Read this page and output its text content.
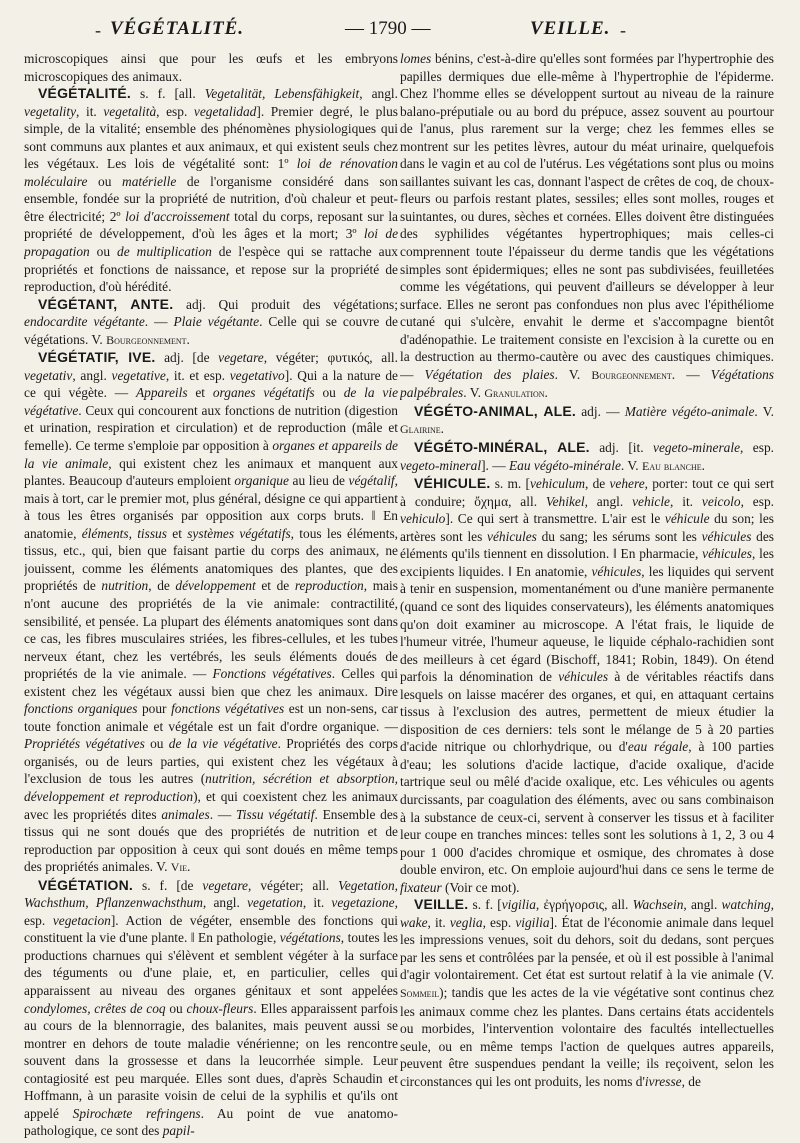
- VÉGÉTALITÉ.	— 1790 —	VEILLE. -

microscopiques ainsi que pour les œufs et les embryons microscopiques des animaux.

VÉGÉTALITÉ. s. f. [all. Vegetalität, Lebensfähigkeit, angl. vegetality, it. vegetalità, esp. vegetalidad]. Premier degré, le plus simple, de la vitalité; ensemble des phénomènes physiologiques qui sont communs aux plantes et aux animaux, et qui existent seuls chez les végétaux. Les lois de végétalité sont: 1º loi de rénovation moléculaire ou matérielle de l'organisme considéré dans son ensemble, fondée sur la propriété de nutrition, d'où chaleur et peut-être électricité; 2º loi d'accroissement total du corps, reposant sur la propriété de développement, d'où les âges et la mort; 3º loi de propagation ou de multiplication de l'espèce qui se rattache aux propriétés et fonctions de naissance, et repose sur la propriété de reproduction, d'où hérédité.

VÉGÉTANT, ANTE. adj. Qui produit des végétations; endocardite végétante. — Plaie végétante. Celle qui se couvre de végétations. V. Bourgeonnement.

VÉGÉTATIF, IVE. adj. [de vegetare, végéter; φυτικός, all. vegetativ, angl. vegetative, it. et esp. vegetativo]. Qui a la nature de ce qui végète. — Appareils et organes végétatifs ou de la vie végétative. Ceux qui concourent aux fonctions de nutrition (digestion et urination, respiration et circulation) et de reproduction (mâle et femelle). Ce terme s'emploie par opposition à organes et appareils de la vie animale, qui existent chez les animaux et manquent aux plantes. Beaucoup d'auteurs emploient organique au lieu de végétalif, mais à tort, car le premier mot, plus général, désigne ce qui appartient à tous les êtres organisés par opposition aux corps bruts. ‖ En anatomie, éléments, tissus et systèmes végétatifs, tous les éléments, tissus, etc., qui, bien que faisant partie du corps des animaux, ne jouissent, comme les éléments anatomiques des plantes, que des propriétés de nutrition, de développement et de reproduction, mais n'ont aucune des propriétés de la vie animale: contractilité, sensibilité, et pensée. La plupart des éléments anatomiques sont dans ce cas, les fibres musculaires striées, les fibres-cellules, et les tubes nerveux étant, chez les vertébrés, les seuls éléments doués de propriétés de la vie animale. — Fonctions végétatives. Celles qui existent chez les végétaux aussi bien que chez les animaux. Dire fonctions organiques pour fonctions végétatives est un non-sens, car toute fonction animale et végétale est un fait d'ordre organique. — Propriétés végétatives ou de la vie végétative. Propriétés des corps organisés, ou de leurs parties, qui existent chez les végétaux à l'exclusion de tous les autres (nutrition, sécrétion et absorption, développement et reproduction), et qui coexistent chez les animaux avec les propriétés dites animales. — Tissu végétatif. Ensemble des tissus qui ne sont doués que des propriétés de nutrition et de reproduction par opposition à ceux qui sont doués en même temps des propriétés animales. V. Vie.

VÉGÉTATION. s. f. [de vegetare, végéter; all. Vegetation, Wachsthum, Pflanzenwachsthum, angl. vegetation, it. vegetazione, esp. vegetacion]. Action de végéter, ensemble des fonctions qui constituent la vie d'une plante. ‖ En pathologie, végétations, toutes les productions charnues qui s'élèvent et semblent végéter à la surface des téguments ou d'une plaie, et, en particulier, celles qui apparaissent au niveau des organes génitaux et sont appelées condylomes, crêtes de coq ou choux-fleurs. Elles apparaissent parfois au cours de la blennorragie, des balanites, mais peuvent aussi se montrer en dehors de toute maladie vénérienne; on les rencontre souvent dans la grossesse et dans la leucorrhée simple. Leur contagiosité est peu marquée. Elles sont dues, d'après Schaudin et Hoffmann, à un parasite voisin de celui de la syphilis et qu'ils ont appelé Spirochæte refringens. Au point de vue anatomo-pathologique, ce sont des papil-

lomes bénins, c'est-à-dire qu'elles sont formées par l'hypertrophie des papilles dermiques due elle-même à l'hypertrophie de l'épiderme. Chez l'homme elles se développent surtout au niveau de la rainure balano-préputiale ou au bord du prépuce, assez souvent au pourtour de l'anus, plus rarement sur la verge; chez les femmes elles se montrent sur les petites lèvres, autour du méat urinaire, quelquefois dans le vagin et au col de l'utérus. Les végétations sont plus ou moins saillantes suivant les cas, donnant l'aspect de crêtes de coq, de choux-fleurs ou parfois restant plates, sessiles; elles sont molles, rouges et suintantes, ou dures, sèches et cornées. Elles doivent être distinguées des syphilides végétantes hypertrophiques; mais celles-ci comprennent toute l'épaisseur du derme tandis que les végétations simples sont épidermiques; elles ne sont pas subdivisées, feuilletées comme les végétations, qui peuvent d'ailleurs se développer à leur surface. Elles ne seront pas confondues non plus avec l'épithéliome cutané qui s'ulcère, envahit le derme et s'accompagne bientôt d'adénopathie. Le traitement consiste en l'excision à la curette ou en la destruction au thermo-cautère ou avec des caustiques chimiques. — Végétation des plaies. V. Bourgeonnement. — Végétations palpébrales. V. Granulation.

VÉGÉTO-ANIMAL, ALE. adj. — Matière végéto-animale. V. Glairine.

VÉGÉTO-MINÉRAL, ALE. adj. [it. vegeto-minerale, esp. vegeto-mineral]. — Eau végéto-minérale. V. Eau blanche.

VÉHICULE. s. m. [vehiculum, de vehere, porter: tout ce qui sert à conduire; ὄχημα, all. Vehikel, angl. vehicle, it. veicolo, esp. vehiculo]. Ce qui sert à transmettre. L'air est le véhicule du son; les artères sont les véhicules du sang; les sérums sont les véhicules des éléments qu'ils tiennent en dissolution. ‖ En pharmacie, véhicules, les excipients liquides. ‖ En anatomie, véhicules, les liquides qui servent à tenir en suspension, momentanément ou d'une manière permanente (quand ce sont des liquides conservateurs), les éléments anatomiques qu'on doit examiner au microscope. A l'état frais, le liquide de l'humeur vitrée, l'humeur aqueuse, le liquide céphalo-rachidien sont des meilleurs à cet égard (Bischoff, 1841; Robin, 1849). On étend parfois la dénomination de véhicules à de véritables réactifs dans lesquels on laisse macérer des organes, et qui, en attaquant certains tissus à l'exclusion des autres, permettent de mieux étudier la disposition de ces derniers: tels sont le mélange de 5 à 20 parties d'acide nitrique ou chlorhydrique, ou d'eau régale, à 100 parties d'eau; les solutions d'acide lactique, d'acide oxalique, d'acide tartrique seul ou mêlé d'acide oxalique, etc. Les véhicules ou agents durcissants, par coagulation des éléments, avec ou sans combinaison à la substance de ceux-ci, servent à conserver les tissus et à faciliter leur coupe en tranches minces: telles sont les solutions à 1, 2, 3 ou 4 pour 1 000 d'acides chromique et osmique, des chromates à dose double environ, etc. On emploie aujourd'hui dans ce sens le terme de fixateur (Voir ce mot).

VEILLE. s. f. [vigilia, ἐγρήγορσις, all. Wachsein, angl. watching, wake, it. veglia, esp. vigilia]. État de l'économie animale dans lequel les impressions venues, soit du dehors, soit du dedans, sont perçues par les sens et contrôlées par la pensée, et où il est possible à l'animal d'agir volontairement. Cet état est surtout relatif à la vie animale (V. Sommeil); tandis que les actes de la vie végétative sont continus chez les animaux comme chez les plantes. Dans certains états accidentels ou morbides, l'intervention volontaire des facultés intellectuelles seule, ou en même temps l'action de quelques autres appareils, peuvent être suspendues pendant la veille; ils reçoivent, selon les circonstances qui les ont produits, les noms d'ivresse, de
